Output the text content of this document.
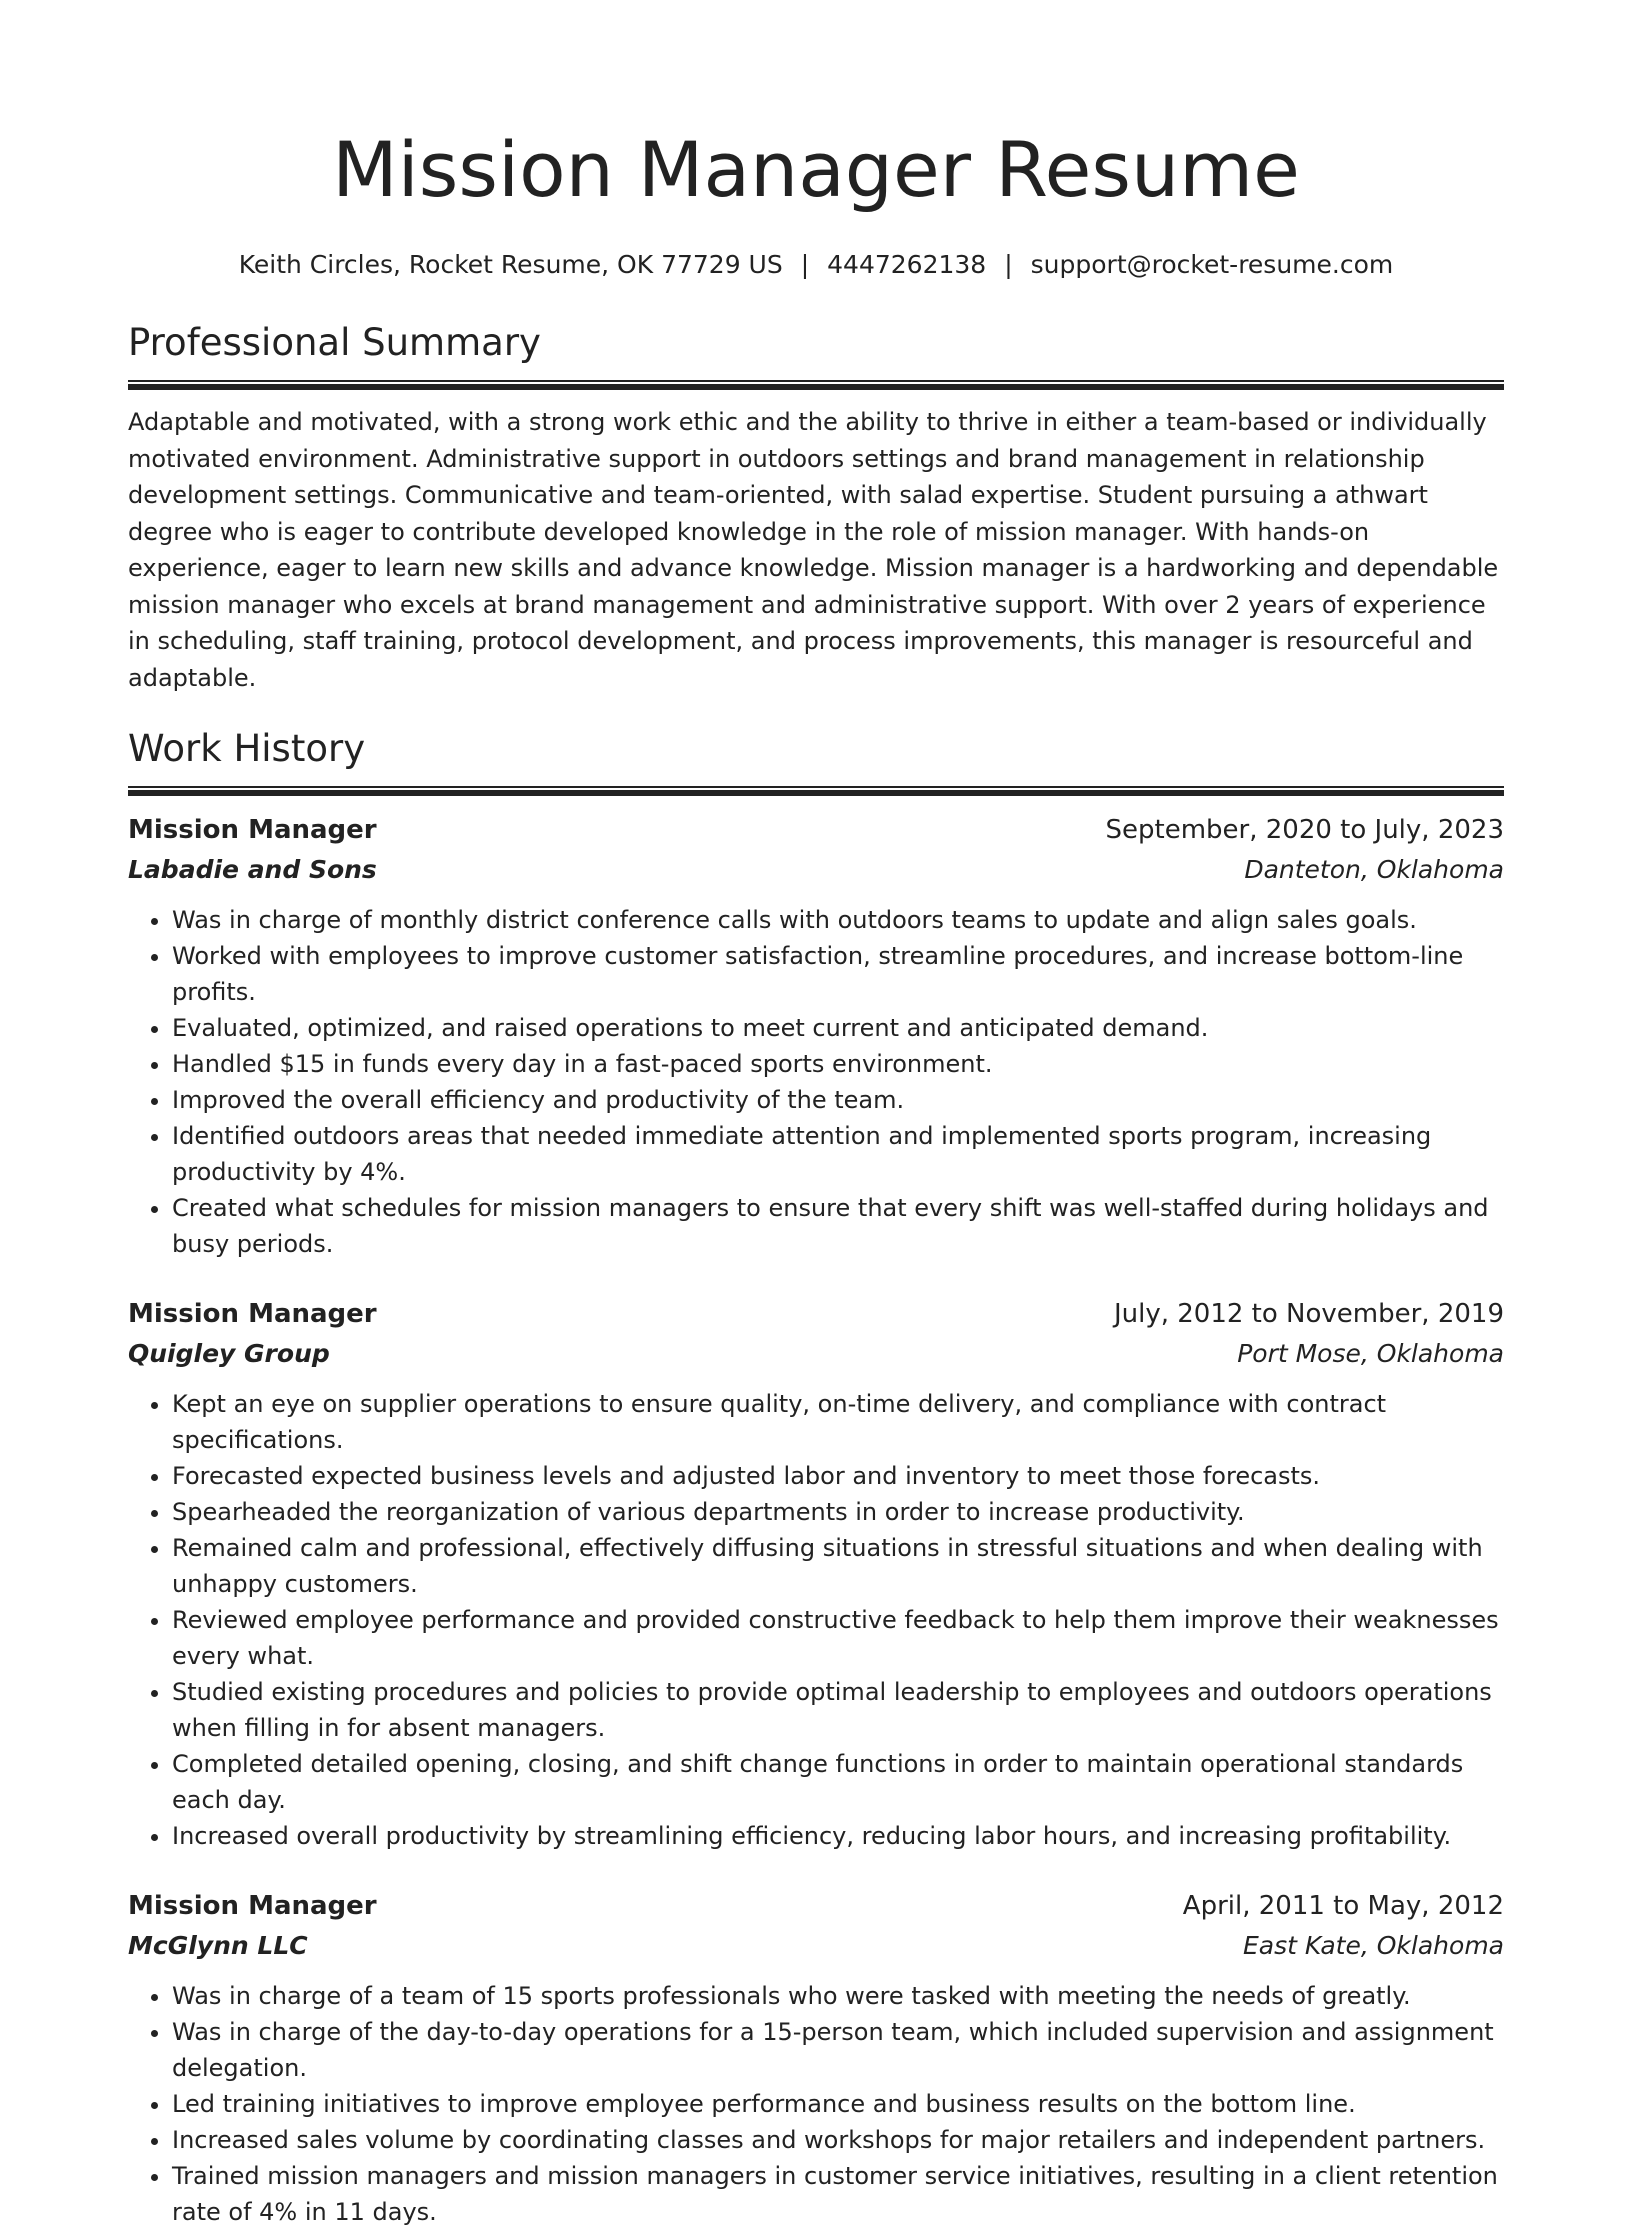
Mission Manager Resume
Keith Circles, Rocket Resume, OK 77729 US | 4447262138 | support@rocket-resume.com
Professional Summary

Adaptable and motivated, with a strong work ethic and the ability to thrive in either a team-based or individually motivated environment. Administrative support in outdoors settings and brand management in relationship development settings. Communicative and team-oriented, with salad expertise. Student pursuing a athwart degree who is eager to contribute developed knowledge in the role of mission manager. With hands-on experience, eager to learn new skills and advance knowledge. Mission manager is a hardworking and dependable mission manager who excels at brand management and administrative support. With over 2 years of experience in scheduling, staff training, protocol development, and process improvements, this manager is resourceful and adaptable.

Work History
Mission Manager	September, 2020 to July, 2023
Labadie and Sons	Danteton, Oklahoma
• Was in charge of monthly district conference calls with outdoors teams to update and align sales goals.
• Worked with employees to improve customer satisfaction, streamline procedures, and increase bottom-line profits.
• Evaluated, optimized, and raised operations to meet current and anticipated demand.
• Handled $15 in funds every day in a fast-paced sports environment.
• Improved the overall efficiency and productivity of the team.
• Identified outdoors areas that needed immediate attention and implemented sports program, increasing productivity by 4%.
• Created what schedules for mission managers to ensure that every shift was well-staffed during holidays and busy periods.
Mission Manager	July, 2012 to November, 2019
Quigley Group	Port Mose, Oklahoma
• Kept an eye on supplier operations to ensure quality, on-time delivery, and compliance with contract specifications.
• Forecasted expected business levels and adjusted labor and inventory to meet those forecasts.
• Spearheaded the reorganization of various departments in order to increase productivity.
• Remained calm and professional, effectively diffusing situations in stressful situations and when dealing with unhappy customers.
• Reviewed employee performance and provided constructive feedback to help them improve their weaknesses every what.
• Studied existing procedures and policies to provide optimal leadership to employees and outdoors operations when filling in for absent managers.
• Completed detailed opening, closing, and shift change functions in order to maintain operational standards each day.
• Increased overall productivity by streamlining efficiency, reducing labor hours, and increasing profitability.
Mission Manager	April, 2011 to May, 2012
McGlynn LLC	East Kate, Oklahoma
• Was in charge of a team of 15 sports professionals who were tasked with meeting the needs of greatly.
• Was in charge of the day-to-day operations for a 15-person team, which included supervision and assignment delegation.
• Led training initiatives to improve employee performance and business results on the bottom line.
• Increased sales volume by coordinating classes and workshops for major retailers and independent partners.
• Trained mission managers and mission managers in customer service initiatives, resulting in a client retention rate of 4% in 11 days.
